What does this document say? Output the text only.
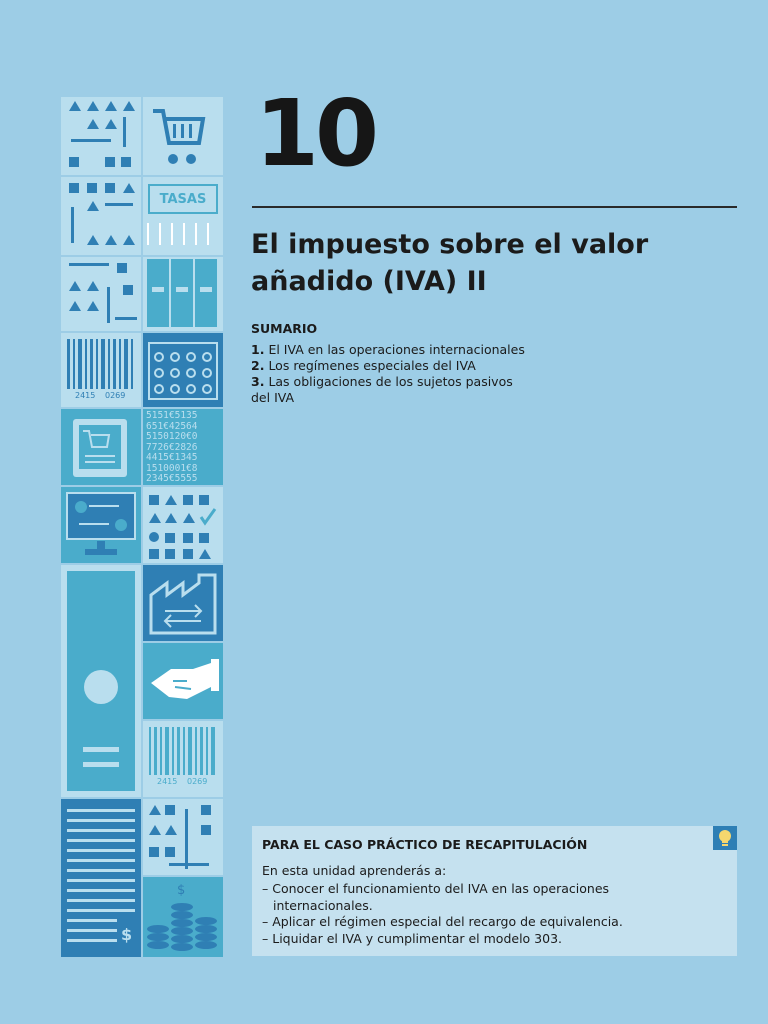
TASAS
2415 0269
2415 0269
5151€5135
651€42564
5150120€0
7726€2826
4415€1345
1510001€8
2345€5555
$
$
10
El impuesto sobre el valor añadido (IVA) II
SUMARIO
1. El IVA en las operaciones internacionales
2. Los regímenes especiales del IVA
3. Las obligaciones de los sujetos pasivos del IVA
PARA EL CASO PRÁCTICO DE RECAPITULACIÓN
En esta unidad aprenderás a:
– Conocer el funcionamiento del IVA en las operaciones internacionales.
– Aplicar el régimen especial del recargo de equivalencia.
– Liquidar el IVA y cumplimentar el modelo 303.
